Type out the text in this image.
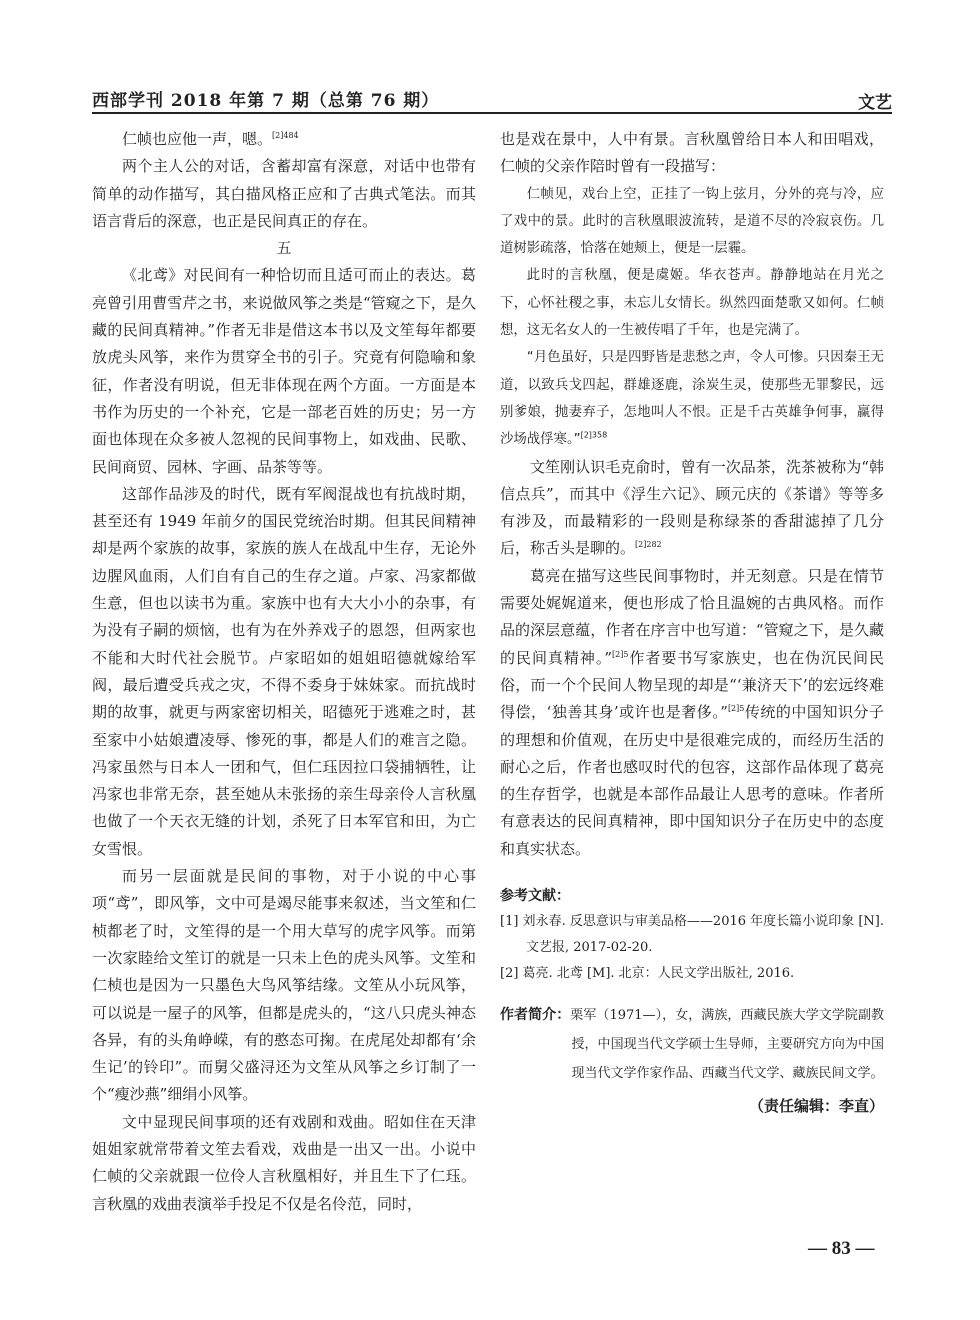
西部学刊 2018 年第 7 期（总第 76 期）	文艺

仁帧也应他一声，嗯。$^{[2]484}$

两个主人公的对话，含蓄却富有深意，对话中也带有简单的动作描写，其白描风格正应和了古典式笔法。而其语言背后的深意，也正是民间真正的存在。

五

《北鸢》对民间有一种恰切而且适可而止的表达。葛亮曾引用曹雪芹之书，来说做风筝之类是“管窥之下，是久藏的民间真精神。”作者无非是借这本书以及文笙每年都要放虎头风筝，来作为贯穿全书的引子。究竟有何隐喻和象征，作者没有明说，但无非体现在两个方面。一方面是本书作为历史的一个补充，它是一部老百姓的历史；另一方面也体现在众多被人忽视的民间事物上，如戏曲、民歌、民间商贸、园林、字画、品茶等等。

这部作品涉及的时代，既有军阀混战也有抗战时期，甚至还有 1949 年前夕的国民党统治时期。但其民间精神却是两个家族的故事，家族的族人在战乱中生存，无论外边腥风血雨，人们自有自己的生存之道。卢家、冯家都做生意，但也以读书为重。家族中也有大大小小的杂事，有为没有子嗣的烦恼，也有为在外养戏子的恩怨，但两家也不能和大时代社会脱节。卢家昭如的姐姐昭德就嫁给军阀，最后遭受兵戎之灾，不得不委身于妹妹家。而抗战时期的故事，就更与两家密切相关，昭德死于逃难之时，甚至家中小姑娘遭凌辱、惨死的事，都是人们的难言之隐。冯家虽然与日本人一团和气，但仁珏因拉口袋捕牺牲，让冯家也非常无奈，甚至她从未张扬的亲生母亲伶人言秋凰也做了一个天衣无缝的计划，杀死了日本军官和田，为亡女雪恨。

而另一层面就是民间的事物，对于小说的中心事项“鸢”，即风筝，文中可是竭尽能事来叙述，当文笙和仁桢都老了时，文笙得的是一个用大草写的虎字风筝。而第一次家睦给文笙订的就是一只未上色的虎头风筝。文笙和仁桢也是因为一只墨色大鸟风筝结缘。文笙从小玩风筝，可以说是一屋子的风筝，但都是虎头的，“这八只虎头神态各异，有的头角峥嵘，有的憨态可掬。在虎尾处却都有‘余生记’的铃印”。而舅父盛浔还为文笙从风筝之乡订制了一个“瘦沙燕”细绢小风筝。

文中显现民间事项的还有戏剧和戏曲。昭如住在天津姐姐家就常带着文笙去看戏，戏曲是一出又一出。小说中仁帧的父亲就跟一位伶人言秋凰相好，并且生下了仁珏。言秋凰的戏曲表演举手投足不仅是名伶范，同时，

也是戏在景中，人中有景。言秋凰曾给日本人和田唱戏，仁帧的父亲作陪时曾有一段描写：

仁帧见，戏台上空，正挂了一钩上弦月，分外的亮与冷，应了戏中的景。此时的言秋凰眼波流转，是道不尽的冷寂哀伤。几道树影疏落，恰落在她颊上，便是一层霾。

此时的言秋凰，便是虞姬。华衣苍声。静静地站在月光之下，心怀社稷之事，未忘儿女情长。纵然四面楚歌又如何。仁帧想，这无名女人的一生被传唱了千年，也是完满了。

“月色虽好，只是四野皆是悲愁之声，令人可惨。只因秦王无道，以致兵戈四起，群雄逐鹿，涂炭生灵，使那些无罪黎民，远别爹娘，抛妻弃子，怎地叫人不恨。正是千古英雄争何事，赢得沙场战俘寒。”$^{[2]358}$

文笙刚认识毛克俞时，曾有一次品茶，洗茶被称为“韩信点兵”，而其中《浮生六记》、顾元庆的《茶谱》等等多有涉及，而最精彩的一段则是称绿茶的香甜滤掉了几分后，称舌头是聊的。$^{[2]282}$

葛亮在描写这些民间事物时，并无刻意。只是在情节需要处娓娓道来，便也形成了恰且温婉的古典风格。而作品的深层意蕴，作者在序言中也写道：“管窥之下，是久藏的民间真精神。”$^{[2]5}$作者要书写家族史，也在伪沉民间民俗，而一个个民间人物呈现的却是“‘兼济天下’的宏远终难得偿，‘独善其身’或许也是奢侈。”$^{[2]5}$传统的中国知识分子的理想和价值观，在历史中是很难完成的，而经历生活的耐心之后，作者也感叹时代的包容，这部作品体现了葛亮的生存哲学，也就是本部作品最让人思考的意味。作者所有意表达的民间真精神，即中国知识分子在历史中的态度和真实状态。

参考文献：
[1] 刘永春. 反思意识与审美品格——2016 年度长篇小说印象 [N]. 文艺报, 2017-02-20.
[2] 葛亮. 北鸢 [M]. 北京：人民文学出版社, 2016.
作者简介：栗军（1971—），女，满族，西藏民族大学文学院副教授，中国现当代文学硕士生导师，主要研究方向为中国现当代文学作家作品、西藏当代文学、藏族民间文学。
（责任编辑：李直）
— 83 —
